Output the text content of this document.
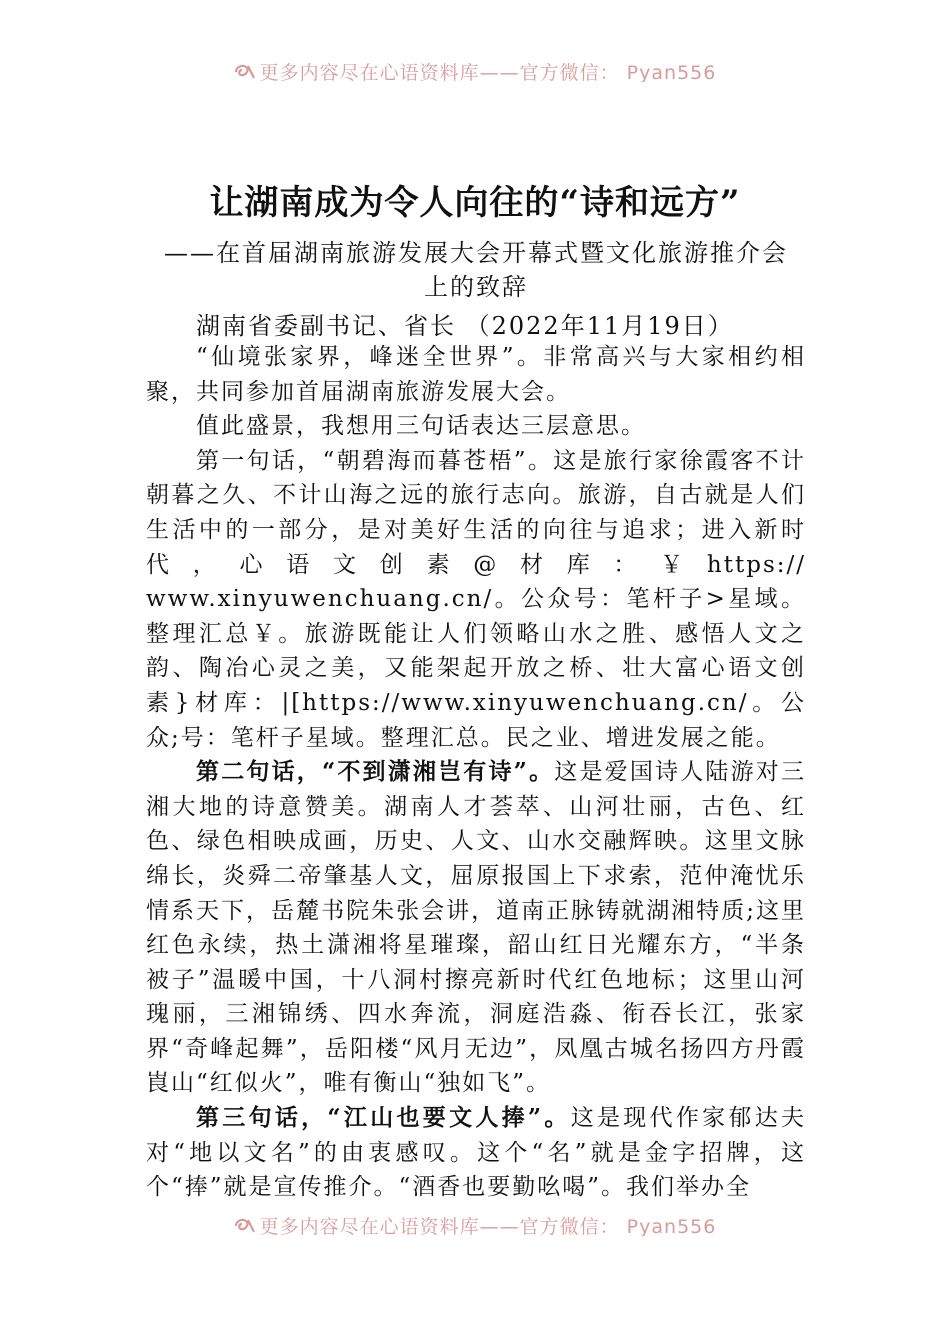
更多内容尽在心语资料库——官方微信： Pyan556
让湖南成为令人向往的“诗和远方”
——在首届湖南旅游发展大会开幕式暨文化旅游推介会上的致辞
湖南省委副书记、省长 （2022年11月19日）

“仙境张家界，峰迷全世界”。非常高兴与大家相约相聚，共同参加首届湖南旅游发展大会。

值此盛景，我想用三句话表达三层意思。

第一句话，“朝碧海而暮苍梧”。这是旅行家徐霞客不计朝暮之久、不计山海之远的旅行志向。旅游，自古就是人们生活中的一部分，是对美好生活的向往与追求；进入新时代，心语文创素@材库：￥https:// www.xinyuwenchuang.cn/。公众号：笔杆子>星域。整理汇总￥。旅游既能让人们领略山水之胜、感悟人文之韵、陶冶心灵之美，又能架起开放之桥、壮大富心语文创素}材库：|[https://www.xinyuwenchuang.cn/。公众;号：笔杆子星域。整理汇总。民之业、增进发展之能。

第二句话，“不到潇湘岂有诗”。这是爱国诗人陆游对三湘大地的诗意赞美。湖南人才荟萃、山河壮丽，古色、红色、绿色相映成画，历史、人文、山水交融辉映。这里文脉绵长，炎舜二帝肇基人文，屈原报国上下求索，范仲淹忧乐情系天下，岳麓书院朱张会讲，道南正脉铸就湖湘特质;这里红色永续，热土潇湘将星璀璨，韶山红日光耀东方，“半条被子”温暖中国，十八洞村擦亮新时代红色地标；这里山河瑰丽，三湘锦绣、四水奔流，洞庭浩淼、衔吞长江，张家界“奇峰起舞”，岳阳楼“风月无边”，凤凰古城名扬四方丹霞崀山“红似火”，唯有衡山“独如飞”。

第三句话，“江山也要文人捧”。这是现代作家郁达夫对“地以文名”的由衷感叹。这个“名”就是金字招牌，这个“捧”就是宣传推介。“酒香也要勤吆喝”。我们举办全

更多内容尽在心语资料库——官方微信： Pyan556
